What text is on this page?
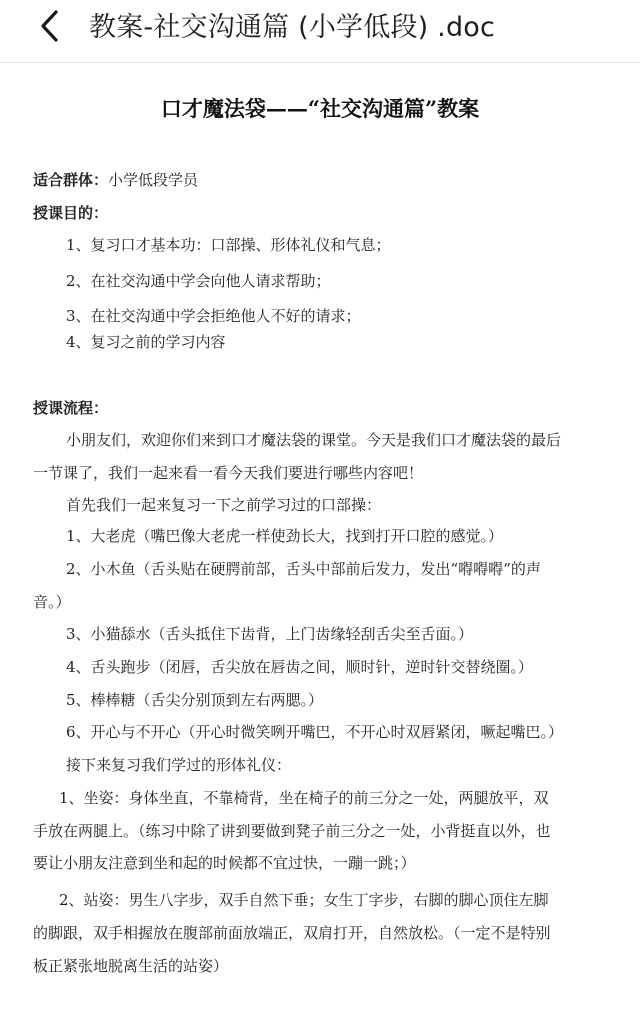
教案-社交沟通篇 (小学低段) .doc
口才魔法袋——“社交沟通篇”教案
适合群体：小学低段学员
授课目的：
1、复习口才基本功：口部操、形体礼仪和气息；
2、在社交沟通中学会向他人请求帮助；
3、在社交沟通中学会拒绝他人不好的请求；
4、复习之前的学习内容
授课流程：
小朋友们，欢迎你们来到口才魔法袋的课堂。今天是我们口才魔法袋的最后
一节课了，我们一起来看一看今天我们要进行哪些内容吧！
首先我们一起来复习一下之前学习过的口部操：
1、大老虎（嘴巴像大老虎一样使劲长大，找到打开口腔的感觉。）
2、小木鱼（舌头贴在硬腭前部，舌头中部前后发力，发出“嘚嘚嘚”的声
音。）
3、小猫舔水（舌头抵住下齿背，上门齿缘轻刮舌尖至舌面。）
4、舌头跑步（闭唇，舌尖放在唇齿之间，顺时针，逆时针交替绕圈。）
5、棒棒糖（舌尖分别顶到左右两腮。）
6、开心与不开心（开心时微笑咧开嘴巴，不开心时双唇紧闭，噘起嘴巴。）
接下来复习我们学过的形体礼仪：
1、坐姿：身体坐直，不靠椅背，坐在椅子的前三分之一处，两腿放平，双
手放在两腿上。（练习中除了讲到要做到凳子前三分之一处，小背挺直以外，也
要让小朋友注意到坐和起的时候都不宜过快，一蹦一跳；）
2、站姿：男生八字步，双手自然下垂；女生丁字步，右脚的脚心顶住左脚
的脚跟，双手相握放在腹部前面放端正，双肩打开，自然放松。（一定不是特别
板正紧张地脱离生活的站姿）
